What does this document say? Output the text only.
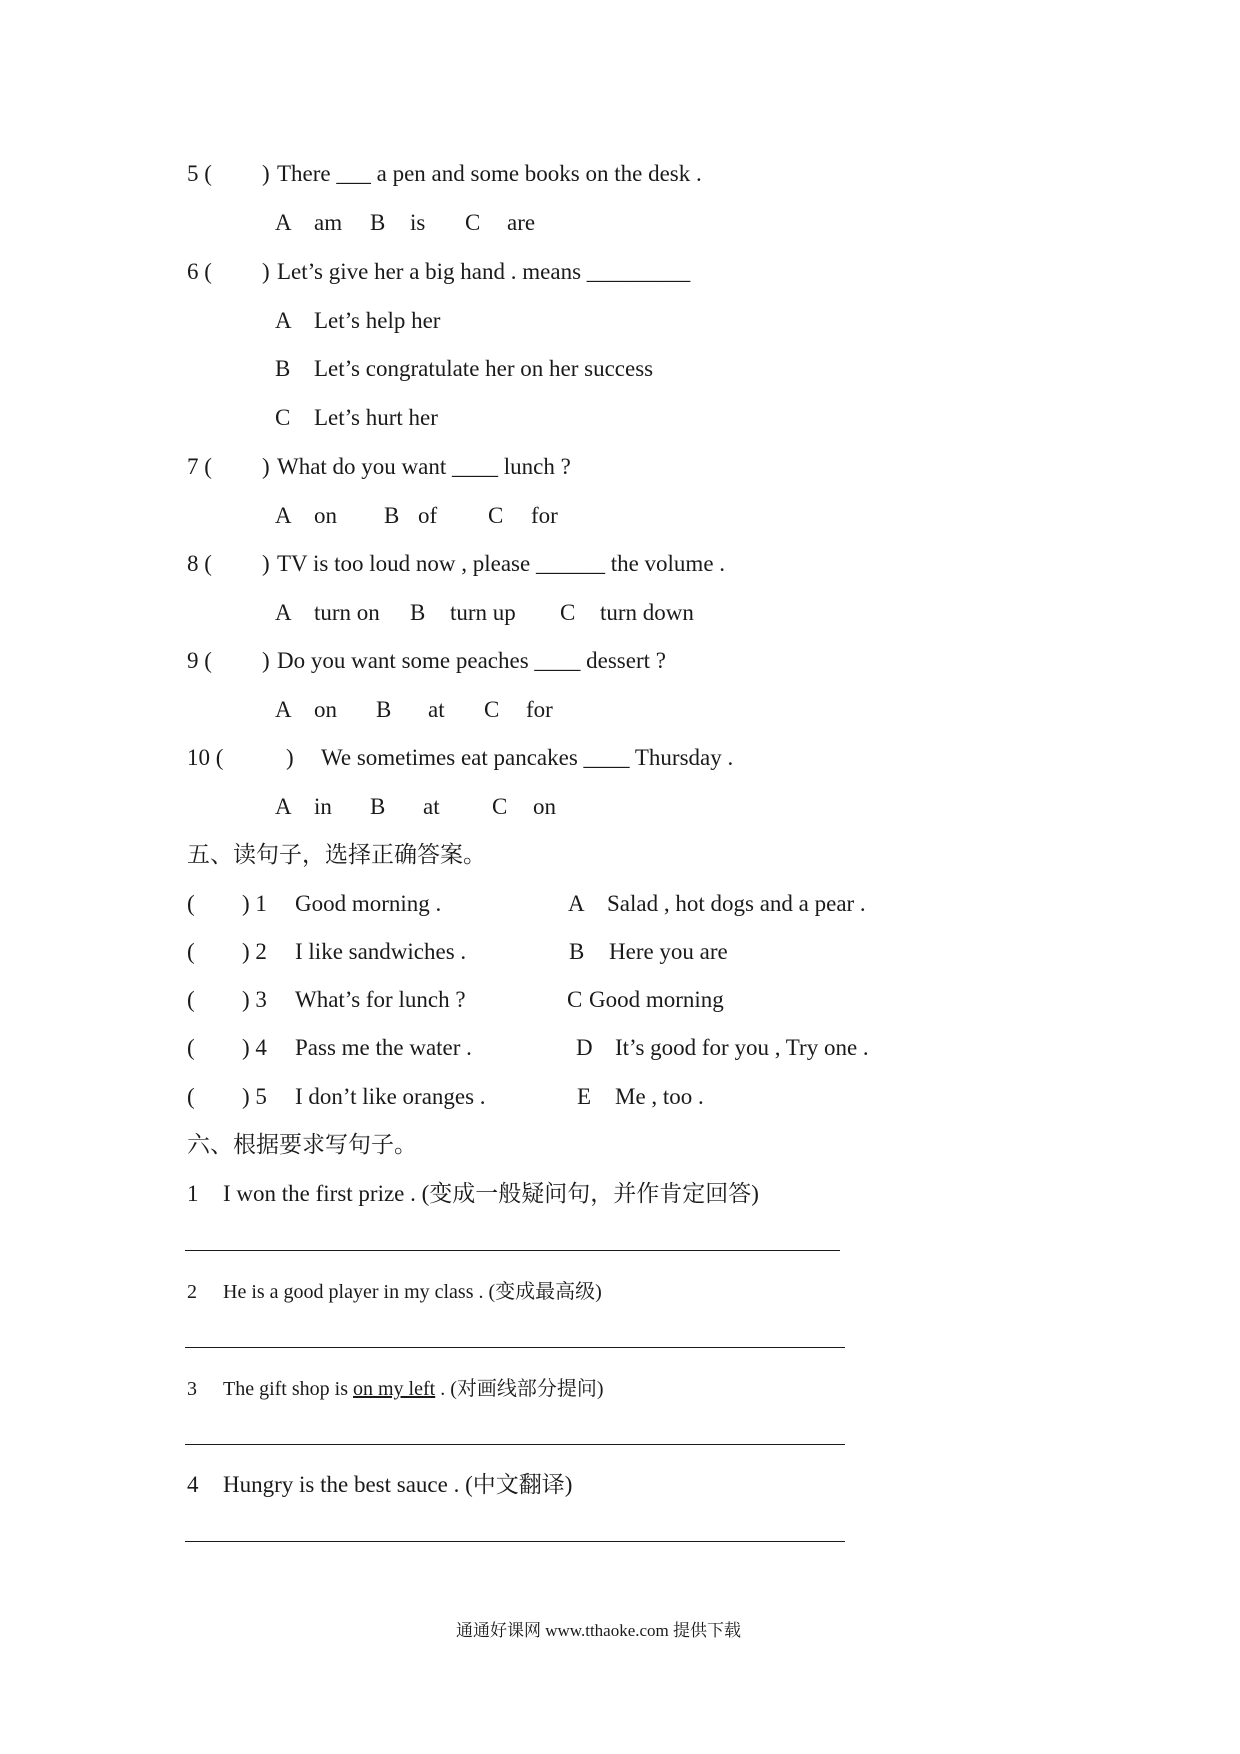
5 ( ) There ___ a pen and some books on the desk .
A am B is C are
6 ( ) Let’s give her a big hand . means _________
A Let’s help her
B Let’s congratulate her on her success
C Let’s hurt her
7 ( ) What do you want ____ lunch ?
A on B of C for
8 ( ) TV is too loud now , please ______ the volume .
A turn on B turn up C turn down
9 ( ) Do you want some peaches ____ dessert ?
A on B at C for
10 (	) We sometimes eat pancakes ____ Thursday .
A in B at C on
五、读句子，选择正确答案。
( ) 1 Good morning .	A Salad , hot dogs and a pear .
( ) 2 I like sandwiches .	B Here you are
( ) 3 What’s for lunch ?	C Good morning
( ) 4 Pass me the water .	D It’s good for you , Try one .
( ) 5 I don’t like oranges .	E Me , too .
六、根据要求写句子。
1 I won the first prize . (变成一般疑问句，并作肯定回答)
2 He is a good player in my class . (变成最高级)
3 The gift shop is on my left . (对画线部分提问)
4 Hungry is the best sauce . (中文翻译)
通通好课网 www.tthaoke.com 提供下载
